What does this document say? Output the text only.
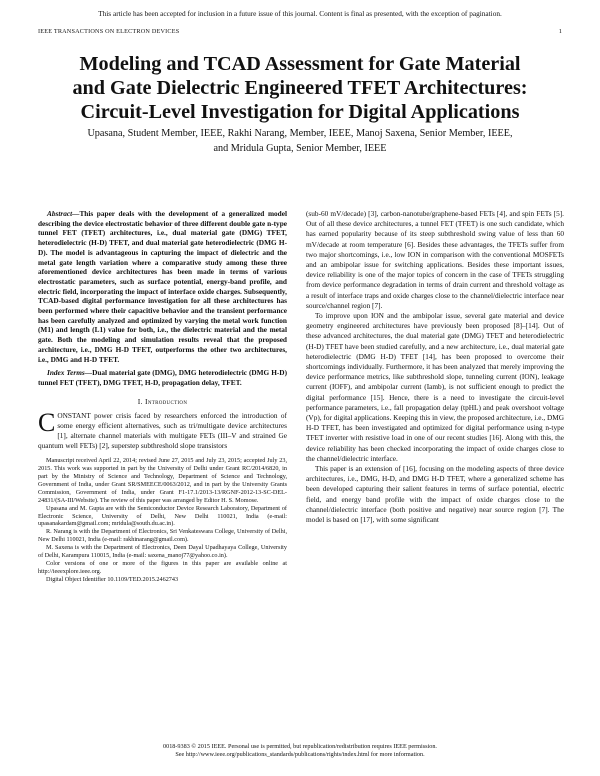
This article has been accepted for inclusion in a future issue of this journal. Content is final as presented, with the exception of pagination.
IEEE TRANSACTIONS ON ELECTRON DEVICES	1
Modeling and TCAD Assessment for Gate Material
and Gate Dielectric Engineered TFET Architectures:
Circuit-Level Investigation for Digital Applications
Upasana, Student Member, IEEE, Rakhi Narang, Member, IEEE, Manoj Saxena, Senior Member, IEEE,
and Mridula Gupta, Senior Member, IEEE

Abstract—This paper deals with the development of a generalized model describing the device electrostatic behavior of three different double gate n-type tunnel FET (TFET) architectures, i.e., dual material gate (DMG) TFET, heterodielectric (H-D) TFET, and dual material gate heterodielectric (DMG H-D). The model is advantageous in capturing the impact of dielectric and the metal gate length variation where a comparative study among these three aforementioned device architectures has been made in terms of various electrostatic parameters, such as surface potential, energy-band profile, and electric field, incorporating the impact of interface oxide charges. Subsequently, TCAD-based digital performance investigation for all these architectures has been performed where their capacitive behavior and the transient performance has been carefully analyzed and optimized by varying the metal work function (M1) and length (L1) value for both, i.e., the dielectric material and the metal gate. Both the modeling and simulation results reveal that the proposed architecture, i.e., DMG H-D TFET, outperforms the other two architectures, i.e., DMG and H-D TFET.

Index Terms—Dual material gate (DMG), DMG heterodielectric (DMG H-D) tunnel FET (TFET), DMG TFET, H-D, propagation delay, TFET.

I. Introduction

CONSTANT power crisis faced by researchers enforced the introduction of some energy efficient alternatives, such as tri/multigate device architectures [1], alternate channel materials with multigate FETs (III–V and strained Ge quantum well FETs) [2], superstep subthreshold slope transistors

Manuscript received April 22, 2014; revised June 27, 2015 and July 23, 2015; accepted July 23, 2015. This work was supported in part by the University of Delhi under Grant RC/2014/6820, in part by the Ministry of Science and Technology, Department of Science and Technology, Government of India, under Grant SR/SMEECE/0063/2012, and in part by the University Grants Commission, Government of India, under Grant F1-17.1/2013-13/RGNF-2012-13-SC-DEL-24831/(SA-III/Website). The review of this paper was arranged by Editor H. S. Momose.

Upasana and M. Gupta are with the Semiconductor Device Research Laboratory, Department of Electronic Science, University of Delhi, New Delhi 110021, India (e-mail: upasanakardam@gmail.com; mridula@south.du.ac.in).

R. Narang is with the Department of Electronics, Sri Venkateswara College, University of Delhi, New Delhi 110021, India (e-mail: rakhinarang@gmail.com).

M. Saxena is with the Department of Electronics, Deen Dayal Upadhayaya College, University of Delhi, Karampura 110015, India (e-mail: saxena_manoj77@yahoo.co.in).

Color versions of one or more of the figures in this paper are available online at http://ieeexplore.ieee.org.

Digital Object Identifier 10.1109/TED.2015.2462743

(sub-60 mV/decade) [3], carbon-nanotube/graphene-based FETs [4], and spin FETs [5]. Out of all these device architectures, a tunnel FET (TFET) is one such candidate, which has earned popularity because of its steep subthreshold swing value of less than 60 mV/decade at room temperature [6]. Besides these advantages, the TFETs suffer from two major shortcomings, i.e., low ION in comparison with the conventional MOSFETs and an ambipolar issue for switching applications. Besides these important issues, device reliability is one of the major topics of concern in the case of TFETs struggling from device performance degradation in terms of drain current and threshold voltage as a result of interface traps and oxide charges close to the channel/dielectric interface near source/channel region [7].

To improve upon ION and the ambipolar issue, several gate material and device geometry engineered architectures have previously been proposed [8]–[14]. Out of these advanced architectures, the dual material gate (DMG) TFET and heterodielectric (H-D) TFET have been studied carefully, and a new architecture, i.e., dual material gate heterodielectric (DMG H-D) TFET [14], has been proposed to overcome their shortcomings individually. Furthermore, it has been analyzed that merely improving the device performance metrics, like subthreshold slope, tunneling current (ION), leakage current (IOFF), and ambipolar current (Iamb), is not sufficient enough to predict the digital performance [15]. Hence, there is a need to investigate the circuit-level performance parameters, i.e., fall propagation delay (tpHL) and peak overshoot voltage (Vp), for digital applications. Keeping this in view, the proposed architecture, i.e., DMG H-D TFET, has been investigated and optimized for digital performance using n-type TFET inverter with resistive load in one of our recent studies [16]. Along with this, the device reliability has been checked incorporating the impact of oxide charges close to the channel/dielectric interface.

This paper is an extension of [16], focusing on the modeling aspects of three device architectures, i.e., DMG, H-D, and DMG H-D TFET, where a generalized scheme has been developed capturing their salient features in terms of surface potential, electric field, and energy band profile with the impact of oxide charges close to the channel/dielectric interface (both positive and negative) near source region [7]. The model is based on [17], with some significant

0018-9383 © 2015 IEEE. Personal use is permitted, but republication/redistribution requires IEEE permission.
See http://www.ieee.org/publications_standards/publications/rights/index.html for more information.
